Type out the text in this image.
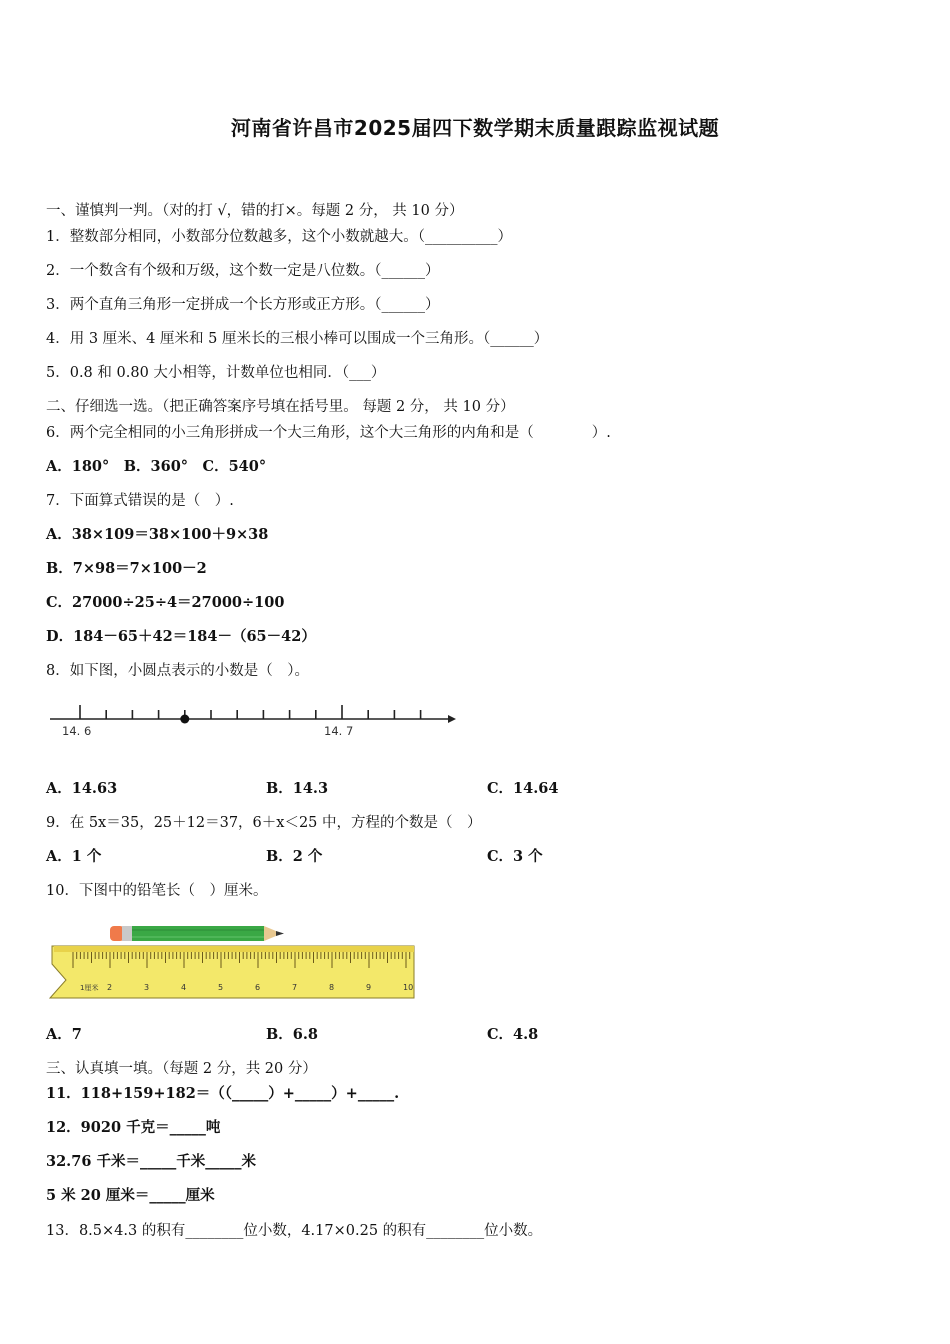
河南省许昌市2025届四下数学期末质量跟踪监视试题
一、谨慎判一判。（对的打 √，错的打×。每题 2 分， 共 10 分）
1．整数部分相同，小数部分位数越多，这个小数就越大。（__________）
2．一个数含有个级和万级，这个数一定是八位数。（______）
3．两个直角三角形一定拼成一个长方形或正方形。（______）
4．用 3 厘米、4 厘米和 5 厘米长的三根小棒可以围成一个三角形。（______）
5．0.8 和 0.80 大小相等，计数单位也相同．（___）
二、仔细选一选。（把正确答案序号填在括号里。 每题 2 分， 共 10 分）
6．两个完全相同的小三角形拼成一个大三角形，这个大三角形的内角和是（　　　　）.
A．180°　B．360°　C．540°
7．下面算式错误的是（　）.
A．38×109＝38×100＋9×38
B．7×98＝7×100－2
C．27000÷25÷4＝27000÷100
D．184－65＋42＝184－（65－42）
8．如下图，小圆点表示的小数是（　）。
14. 6	14. 7
A．14.63	B．14.3	C．14.64
9．在 5x＝35，25＋12＝37，6＋x＜25 中，方程的个数是（　）
A．1 个	B．2 个	C．3 个
10．下图中的铅笔长（　）厘米。
2	3	4	5	6	7	8	9	10
1厘米
A．7	B．6.8	C．4.8
三、认真填一填。（每题 2 分，共 20 分）
11．118+159+182＝（（_____）+_____）+_____.
12．9020 千克＝_____吨
32.76 千米＝_____千米_____米
5 米 20 厘米＝_____厘米
13．8.5×4.3 的积有________位小数，4.17×0.25 的积有________位小数。
